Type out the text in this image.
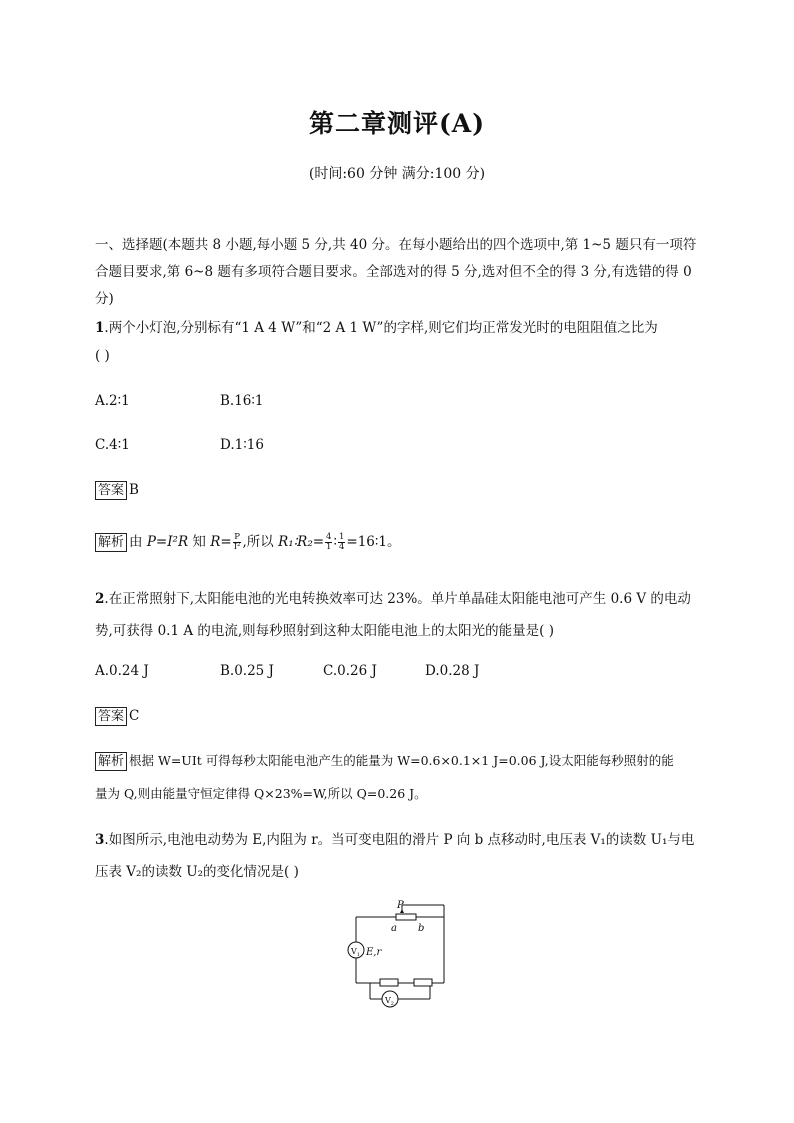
第二章测评(A)
(时间:60 分钟 满分:100 分)
一、选择题(本题共 8 小题,每小题 5 分,共 40 分。在每小题给出的四个选项中,第 1~5 题只有一项符合题目要求,第 6~8 题有多项符合题目要求。全部选对的得 5 分,选对但不全的得 3 分,有选错的得 0 分)
1.两个小灯泡,分别标有“1 A 4 W”和“2 A 1 W”的字样,则它们均正常发光时的电阻阻值之比为
( )
A.2∶1	B.16∶1
C.4∶1	D.1∶16
答案 B
解析 由 P=I²R 知 $R= \frac{P}{\text{I²}}$ ,所以 R₁∶R₂= $\frac{4}{1}$ ∶ $\frac{1}{4}$ =16∶1。
2.在正常照射下,太阳能电池的光电转换效率可达 23%。单片单晶硅太阳能电池可产生 0.6 V 的电动
势,可获得 0.1 A 的电流,则每秒照射到这种太阳能电池上的太阳光的能量是( )
A.0.24 J	B.0.25 J	C.0.26 J	D.0.28 J
答案 C
解析 根据 W=UIt 可得每秒太阳能电池产生的能量为 W=0.6×0.1×1 J=0.06 J,设太阳能每秒照射的能
量为 Q,则由能量守恒定律得 Q×23%=W,所以 Q=0.26 J。
3.如图所示,电池电动势为 E,内阻为 r。当可变电阻的滑片 P 向 b 点移动时,电压表 V₁的读数 U₁与电
压表 V₂的读数 U₂的变化情况是( )
P
a b
E,r
$V_1$
$V_2$
